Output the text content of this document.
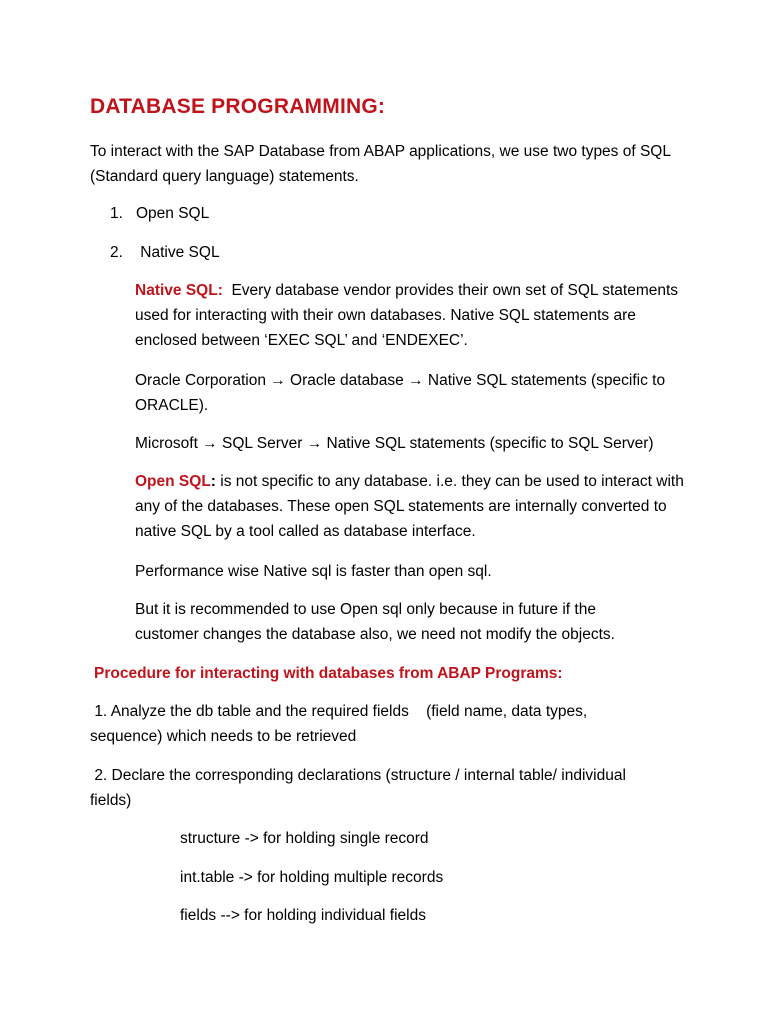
DATABASE PROGRAMMING:

To interact with the SAP Database from ABAP applications, we use two types of SQL (Standard query language) statements.

1. Open SQL
2. Native SQL

Native SQL:  Every database vendor provides their own set of SQL statements used for interacting with their own databases. Native SQL statements are enclosed between ‘EXEC SQL’ and ‘ENDEXEC’.

Oracle Corporation → Oracle database → Native SQL statements (specific to ORACLE).

Microsoft → SQL Server → Native SQL statements (specific to SQL Server)

Open SQL: is not specific to any database. i.e. they can be used to interact with any of the databases. These open SQL statements are internally converted to native SQL by a tool called as database interface.

Performance wise Native sql is faster than open sql.

But it is recommended to use Open sql only because in future if the customer changes the database also, we need not modify the objects.

Procedure for interacting with databases from ABAP Programs:

1. Analyze the db table and the required fields    (field name, data types, sequence) which needs to be retrieved

2. Declare the corresponding declarations (structure / internal table/ individual fields)

structure -> for holding single record
int.table -> for holding multiple records
fields --> for holding individual fields
